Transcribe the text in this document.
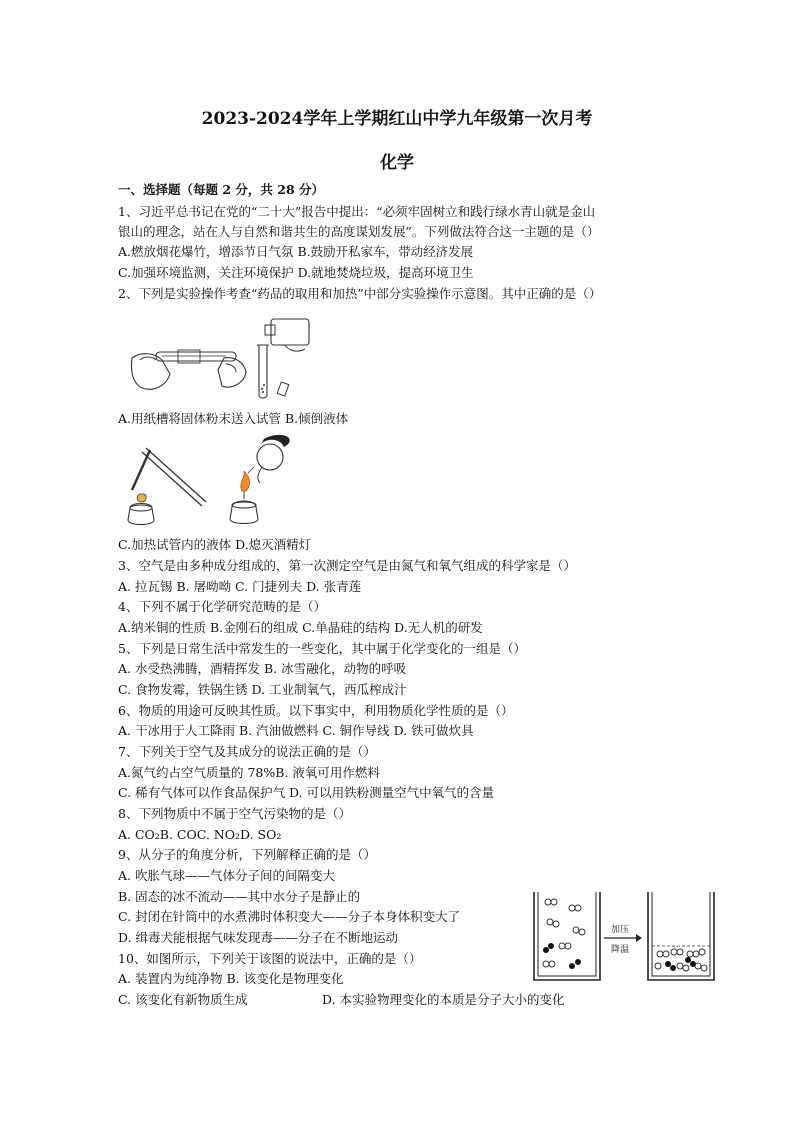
2023-2024学年上学期红山中学九年级第一次月考
化学
一、选择题（每题 2 分，共 28 分）
1、习近平总书记在党的“二十大”报告中提出：“必须牢固树立和践行绿水青山就是金山
银山的理念，站在人与自然和谐共生的高度谋划发展”。下列做法符合这一主题的是（）
A.燃放烟花爆竹，增添节日气氛 B.鼓励开私家车，带动经济发展
C.加强环境监测，关注环境保护 D.就地焚烧垃圾，提高环境卫生
2、下列是实验操作考查“药品的取用和加热”中部分实验操作示意图。其中正确的是（）
A.用纸槽将固体粉末送入试管 B.倾倒液体
C.加热试管内的液体 D.熄灭酒精灯
3、空气是由多种成分组成的，第一次测定空气是由氮气和氧气组成的科学家是（）
A. 拉瓦锡 B. 屠呦呦 C. 门捷列夫 D. 张青莲
4、下列不属于化学研究范畴的是（）
A.纳米铜的性质 B.金刚石的组成 C.单晶硅的结构 D.无人机的研发
5、下列是日常生活中常发生的一些变化，其中属于化学变化的一组是（）
A. 水受热沸腾，酒精挥发 B. 冰雪融化，动物的呼吸
C. 食物发霉，铁锅生锈 D. 工业制氧气，西瓜榨成汁
6、物质的用途可反映其性质。以下事实中，利用物质化学性质的是（）
A. 干冰用于人工降雨 B. 汽油做燃料 C. 铜作导线 D. 铁可做炊具
7、下列关于空气及其成分的说法正确的是（）
A.氮气约占空气质量的 78%B. 液氧可用作燃料
C. 稀有气体可以作食品保护气 D. 可以用铁粉测量空气中氧气的含量
8、下列物质中不属于空气污染物的是（）
A. CO₂B. COC. NO₂D. SO₂
9、从分子的角度分析，下列解释正确的是（）
A. 吹胀气球——气体分子间的间隔变大
B. 固态的冰不流动——其中水分子是静止的
C. 封闭在针筒中的水煮沸时体积变大——分子本身体积变大了
D. 缉毒犬能根据气味发现毒——分子在不断地运动
10、如图所示，下列关于该图的说法中，正确的是（）
A. 装置内为纯净物 B. 该变化是物理变化
C. 该变化有新物质生成	D. 本实验物理变化的本质是分子大小的变化
加压
降温
